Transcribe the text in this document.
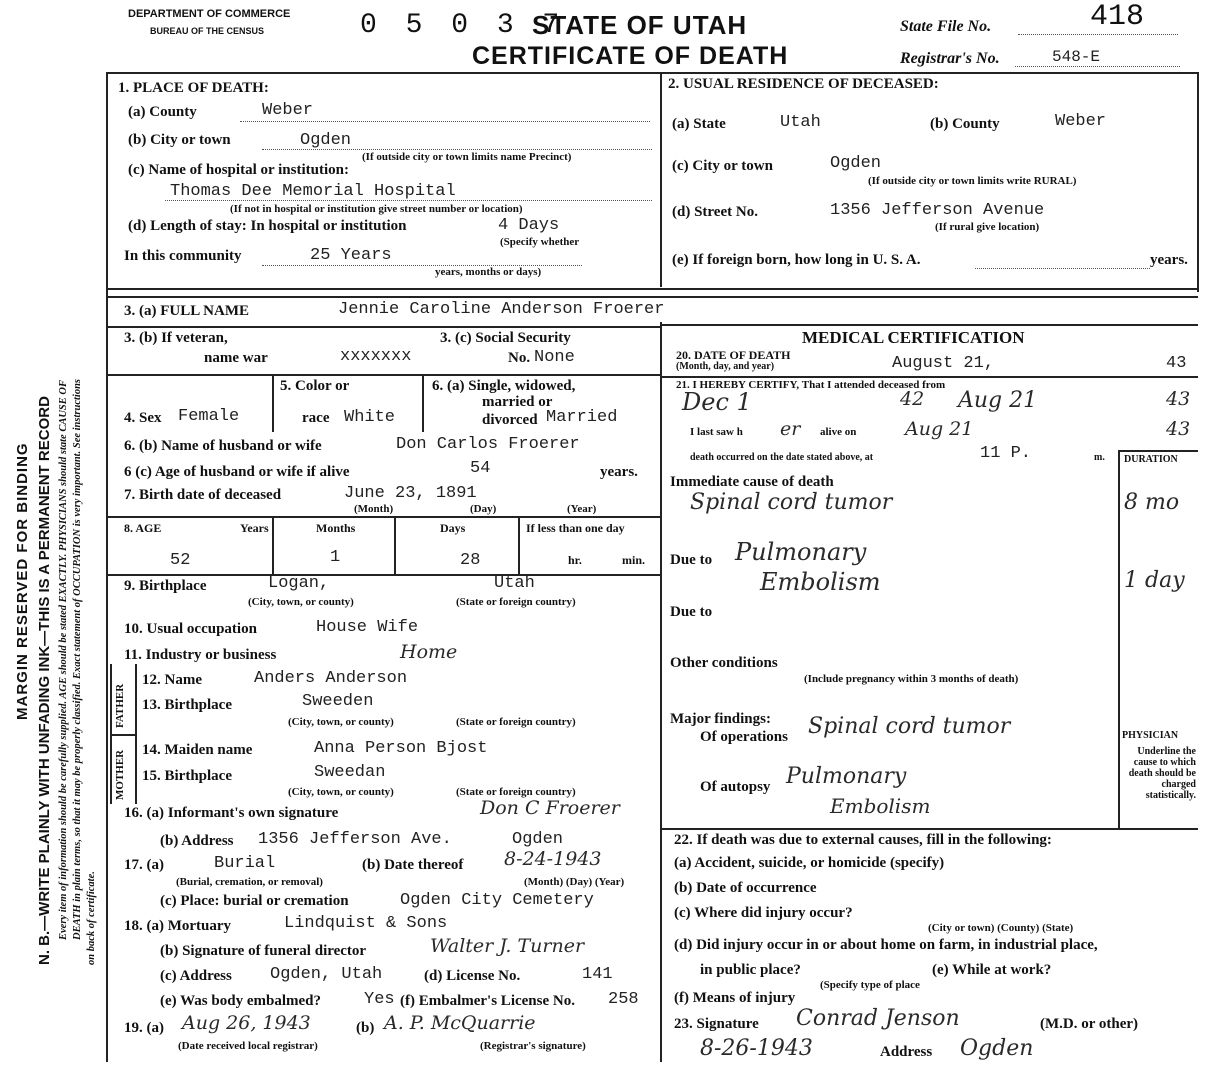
DEPARTMENT OF COMMERCE
BUREAU OF THE CENSUS	0 5 0 3 7
STATE OF UTAH
CERTIFICATE OF DEATH
State File No.	418
Registrar's No.	548-E
MARGIN RESERVED FOR BINDING N. B.—WRITE PLAINLY WITH UNFADING INK—THIS IS A PERMANENT RECORD Every item of information should be carefully supplied. AGE should be stated EXACTLY. PHYSICIANS should state CAUSE OF DEATH in plain terms, so that it may be properly classified. Exact statement of OCCUPATION is very important. See instructions on back of certificate.
1. PLACE OF DEATH:
(a) County	Weber
(b) City or town	Ogden
(If outside city or town limits name Precinct)
(c) Name of hospital or institution:
Thomas Dee Memorial Hospital
(If not in hospital or institution give street number or location)
(d) Length of stay: In hospital or institution	4 Days
(Specify whether
In this community	25 Years
years, months or days)
2. USUAL RESIDENCE OF DECEASED:
(a) State	Utah	(b) County	Weber
(c) City or town	Ogden
(If outside city or town limits write RURAL)
(d) Street No.	1356 Jefferson Avenue
(If rural give location)
(e) If foreign born, how long in U. S. A.	years.
3. (a) FULL NAME	Jennie Caroline Anderson Froerer
3. (b) If veteran,
name war	xxxxxxx
3. (c) Social Security
No. None
5. Color or
race White
6. (a) Single, widowed,
married or
divorced Married
4. Sex Female
6. (b) Name of husband or wife	Don Carlos Froerer
6 (c) Age of husband or wife if alive	54	years.
7. Birth date of deceased	June 23, 1891
(Month)	(Day)	(Year)
8. AGE	Years	Months	Days	If less than one day
52	1	28	hr.	min.
9. Birthplace	Logan,	Utah
(City, town, or county)	(State or foreign country)
10. Usual occupation	House Wife
11. Industry or business	Home
FATHER
MOTHER
12. Name	Anders Anderson
13. Birthplace	Sweeden
(City, town, or county)	(State or foreign country)
14. Maiden name	Anna Person Bjost
15. Birthplace	Sweedan
(City, town, or county)	(State or foreign country)
16. (a) Informant's own signature	Don C Froerer
(b) Address 1356 Jefferson Ave.	Ogden
17. (a)	Burial
(Burial, cremation, or removal)
(b) Date thereof 8-24-1943
(Month) (Day) (Year)
(c) Place: burial or cremation	Ogden City Cemetery
18. (a) Mortuary	Lindquist & Sons
(b) Signature of funeral director	Walter J. Turner
(c) Address Ogden, Utah	(d) License No.	141
(e) Was body embalmed?	Yes (f) Embalmer's License No. 258
19. (a) Aug 26, 1943
(Date received local registrar)
(b) A. P. McQuarrie
(Registrar's signature)
MEDICAL CERTIFICATION
20. DATE OF DEATH
(Month, day, and year)	August 21,	43
21. I HEREBY CERTIFY, That I attended deceased from
Dec 1	42 Aug 21	43
I last saw h er alive on	Aug 21	43
death occurred on the date stated above, at	11 P.	m. DURATION
Immediate cause of death
Spinal cord tumor	8 mo
Due to Pulmonary
Embolism	1 day
Due to
Other conditions
(Include pregnancy within 3 months of death)
Major findings:
Of operations Spinal cord tumor
Of autopsy Pulmonary
Embolism
PHYSICIAN
Underline the cause to which death should be charged statistically.
22. If death was due to external causes, fill in the following:
(a) Accident, suicide, or homicide (specify)
(b) Date of occurrence
(c) Where did injury occur?
(City or town) (County) (State)
(d) Did injury occur in or about home on farm, in industrial place,
in public place?
(Specify type of place
(e) While at work?
(f) Means of injury
23. Signature Conrad Jenson	(M.D. or other)
8-26-1943	Address Ogden
